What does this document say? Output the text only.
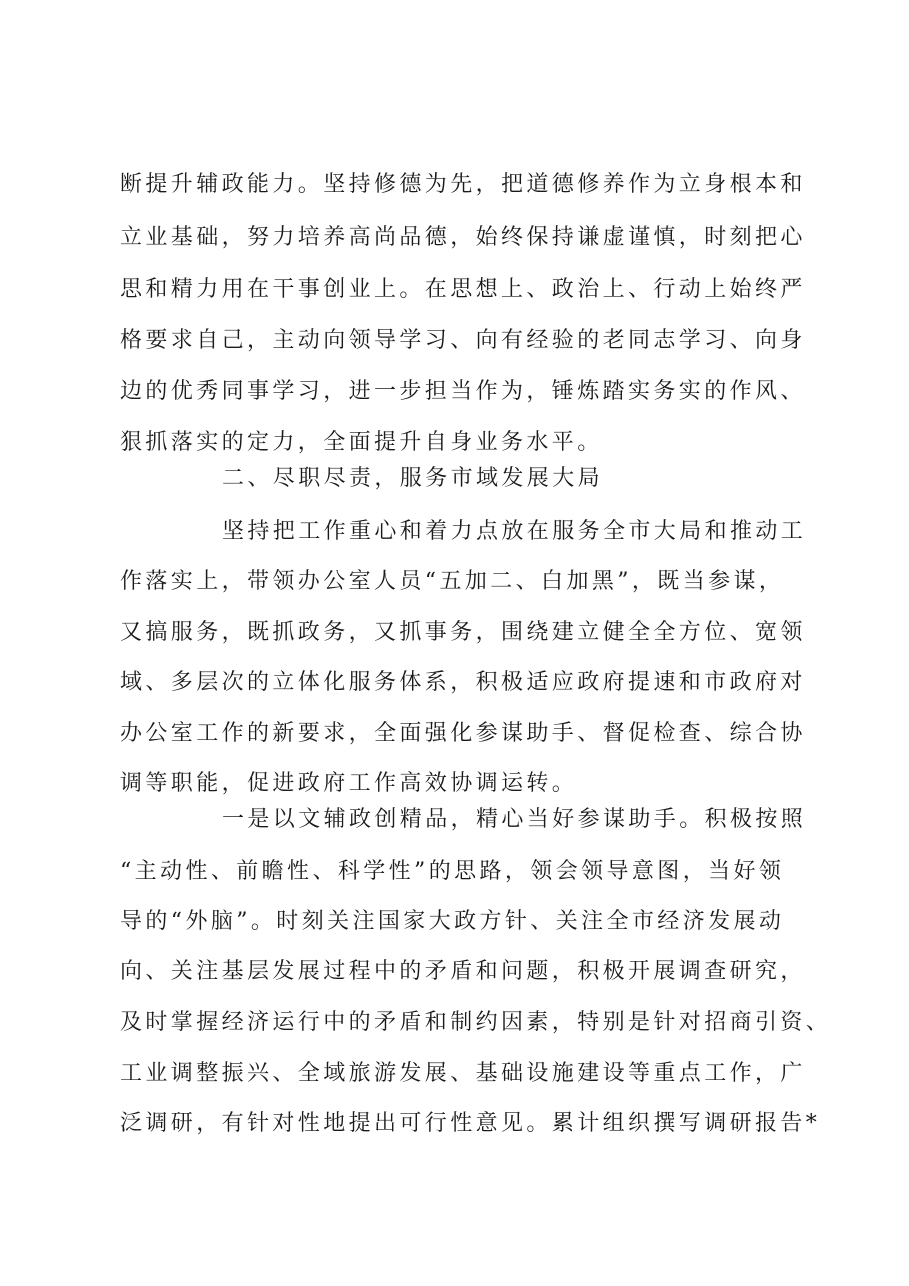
断提升辅政能力。坚持修德为先，把道德修养作为立身根本和
立业基础，努力培养高尚品德，始终保持谦虚谨慎，时刻把心
思和精力用在干事创业上。在思想上、政治上、行动上始终严
格要求自己，主动向领导学习、向有经验的老同志学习、向身
边的优秀同事学习，进一步担当作为，锤炼踏实务实的作风、
狠抓落实的定力，全面提升自身业务水平。
二、尽职尽责，服务市域发展大局
坚持把工作重心和着力点放在服务全市大局和推动工
作落实上，带领办公室人员“五加二、白加黑”，既当参谋，
又搞服务，既抓政务，又抓事务，围绕建立健全全方位、宽领
域、多层次的立体化服务体系，积极适应政府提速和市政府对
办公室工作的新要求，全面强化参谋助手、督促检查、综合协
调等职能，促进政府工作高效协调运转。
一是以文辅政创精品，精心当好参谋助手。积极按照
“主动性、前瞻性、科学性”的思路，领会领导意图，当好领
导的“外脑”。时刻关注国家大政方针、关注全市经济发展动
向、关注基层发展过程中的矛盾和问题，积极开展调查研究，
及时掌握经济运行中的矛盾和制约因素，特别是针对招商引资、
工业调整振兴、全域旅游发展、基础设施建设等重点工作，广
泛调研，有针对性地提出可行性意见。累计组织撰写调研报告*
